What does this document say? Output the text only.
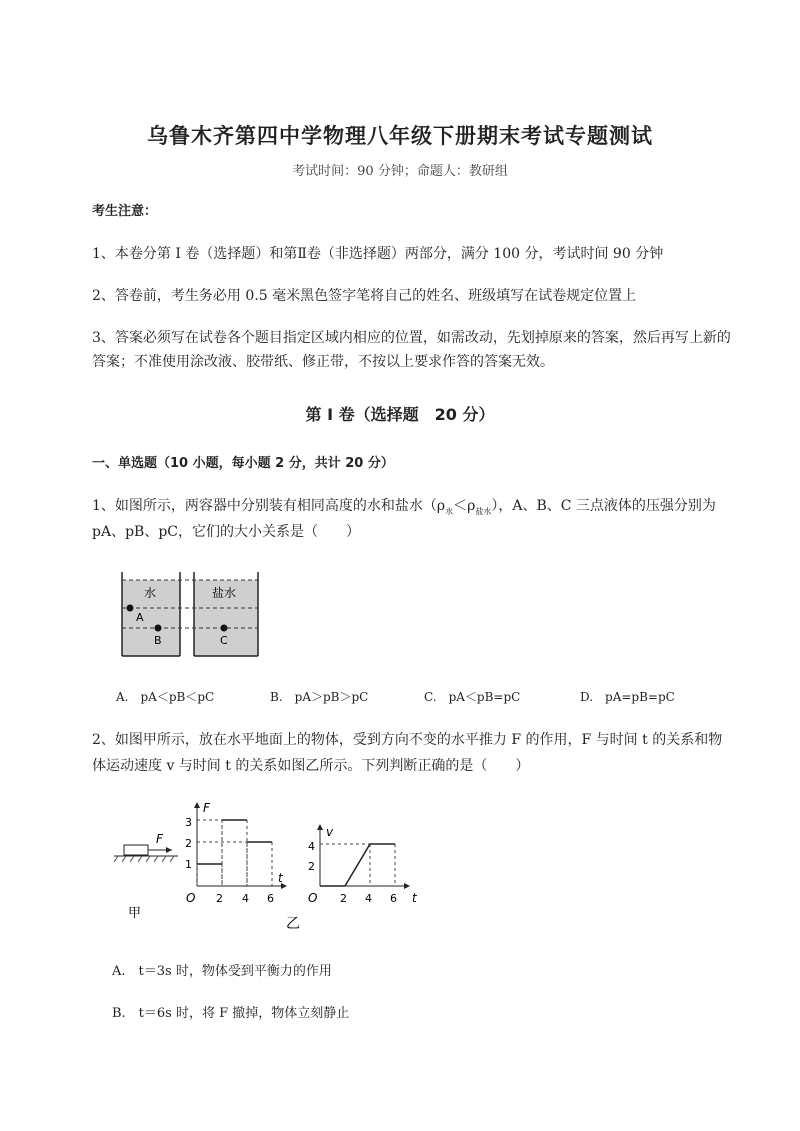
乌鲁木齐第四中学物理八年级下册期末考试专题测试
考试时间：90 分钟；命题人：教研组
考生注意：
1、本卷分第 I 卷（选择题）和第Ⅱ卷（非选择题）两部分，满分 100 分，考试时间 90 分钟
2、答卷前，考生务必用 0.5 毫米黑色签字笔将自己的姓名、班级填写在试卷规定位置上
3、答案必须写在试卷各个题目指定区域内相应的位置，如需改动，先划掉原来的答案，然后再写上新的答案；不准使用涂改液、胶带纸、修正带，不按以上要求作答的答案无效。
第 I 卷（选择题　20 分）
一、单选题（10 小题，每小题 2 分，共计 20 分）
1、如图所示，两容器中分别装有相同高度的水和盐水$(\rho_水<\rho_{盐水})$，A、B、C 三点液体的压强分别为
pA、pB、pC，它们的大小关系是（　　）
水	盐水
A
B	C
A.　pA＜pB＜pC	B.　pA＞pB＞pC	C.　pA＜pB=pC	D.　pA=pB=pC
2、如图甲所示，放在水平地面上的物体，受到方向不变的水平推力 F 的作用，F 与时间 t 的关系和物
体运动速度 v 与时间 t 的关系如图乙所示。下列判断正确的是（　　）
F
甲
F
t
O
3
2
1
2 4 6
v
t
O
4
2
2 4 6
乙
A.　t＝3s 时，物体受到平衡力的作用
B.　t＝6s 时，将 F 撤掉，物体立刻静止
